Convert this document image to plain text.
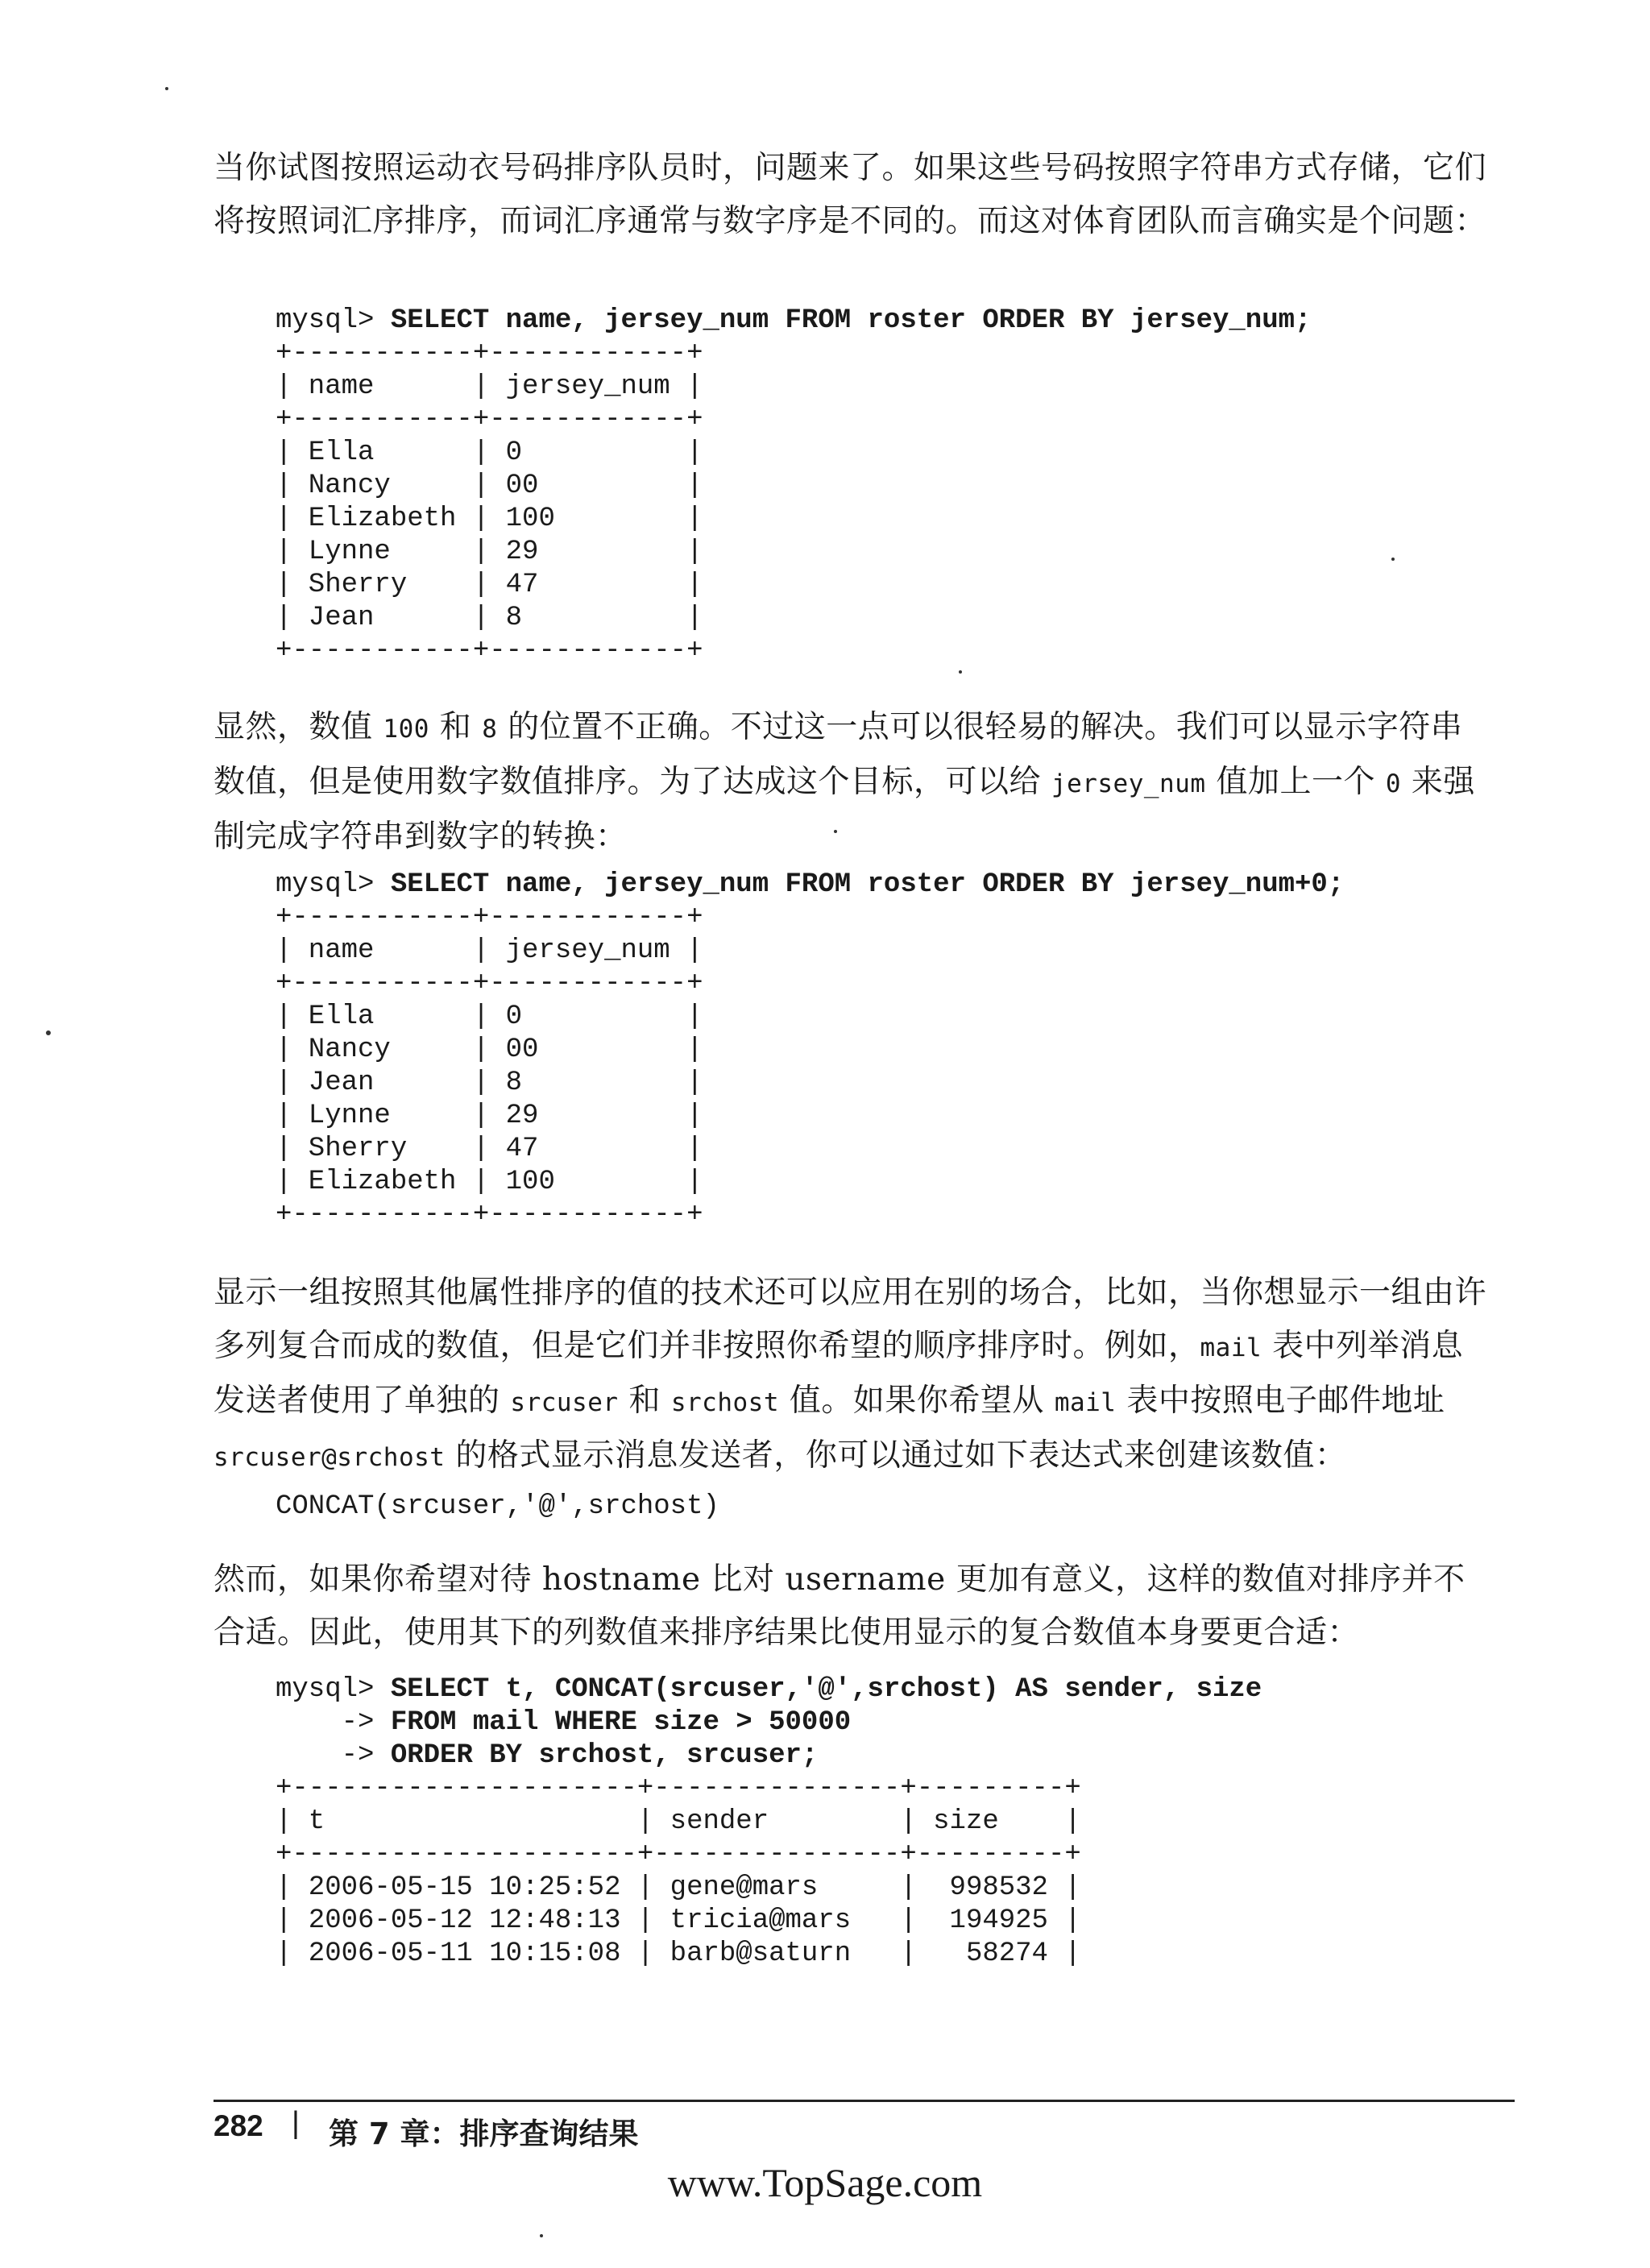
当你试图按照运动衣号码排序队员时，问题来了。如果这些号码按照字符串方式存储，它们将按照词汇序排序，而词汇序通常与数字序是不同的。而这对体育团队而言确实是个问题：

mysql> SELECT name, jersey_num FROM roster ORDER BY jersey_num;
+-----------+------------+
| name      | jersey_num |
+-----------+------------+
| Ella      | 0          |
| Nancy     | 00         |
| Elizabeth | 100        |
| Lynne     | 29         |
| Sherry    | 47         |
| Jean      | 8          |
+-----------+------------+

显然，数值 100 和 8 的位置不正确。不过这一点可以很轻易的解决。我们可以显示字符串数值，但是使用数字数值排序。为了达成这个目标，可以给 jersey_num 值加上一个 0 来强制完成字符串到数字的转换：

mysql> SELECT name, jersey_num FROM roster ORDER BY jersey_num+0;
+-----------+------------+
| name      | jersey_num |
+-----------+------------+
| Ella      | 0          |
| Nancy     | 00         |
| Jean      | 8          |
| Lynne     | 29         |
| Sherry    | 47         |
| Elizabeth | 100        |
+-----------+------------+

显示一组按照其他属性排序的值的技术还可以应用在别的场合，比如，当你想显示一组由许多列复合而成的数值，但是它们并非按照你希望的顺序排序时。例如，mail 表中列举消息发送者使用了单独的 srcuser 和 srchost 值。如果你希望从 mail 表中按照电子邮件地址 srcuser@srchost 的格式显示消息发送者，你可以通过如下表达式来创建该数值：

CONCAT(srcuser,'@',srchost)

然而，如果你希望对待 hostname 比对 username 更加有意义，这样的数值对排序并不合适。因此，使用其下的列数值来排序结果比使用显示的复合数值本身要更合适：

mysql> SELECT t, CONCAT(srcuser,'@',srchost) AS sender, size
-> FROM mail WHERE size > 50000
-> ORDER BY srchost, srcuser;
+---------------------+---------------+---------+
| t                   | sender        | size    |
+---------------------+---------------+---------+
| 2006-05-15 10:25:52 | gene@mars     |  998532 |
| 2006-05-12 12:48:13 | tricia@mars   |  194925 |
| 2006-05-11 10:15:08 | barb@saturn   |   58274 |
282 | 第 7 章：排序查询结果
www.TopSage.com
